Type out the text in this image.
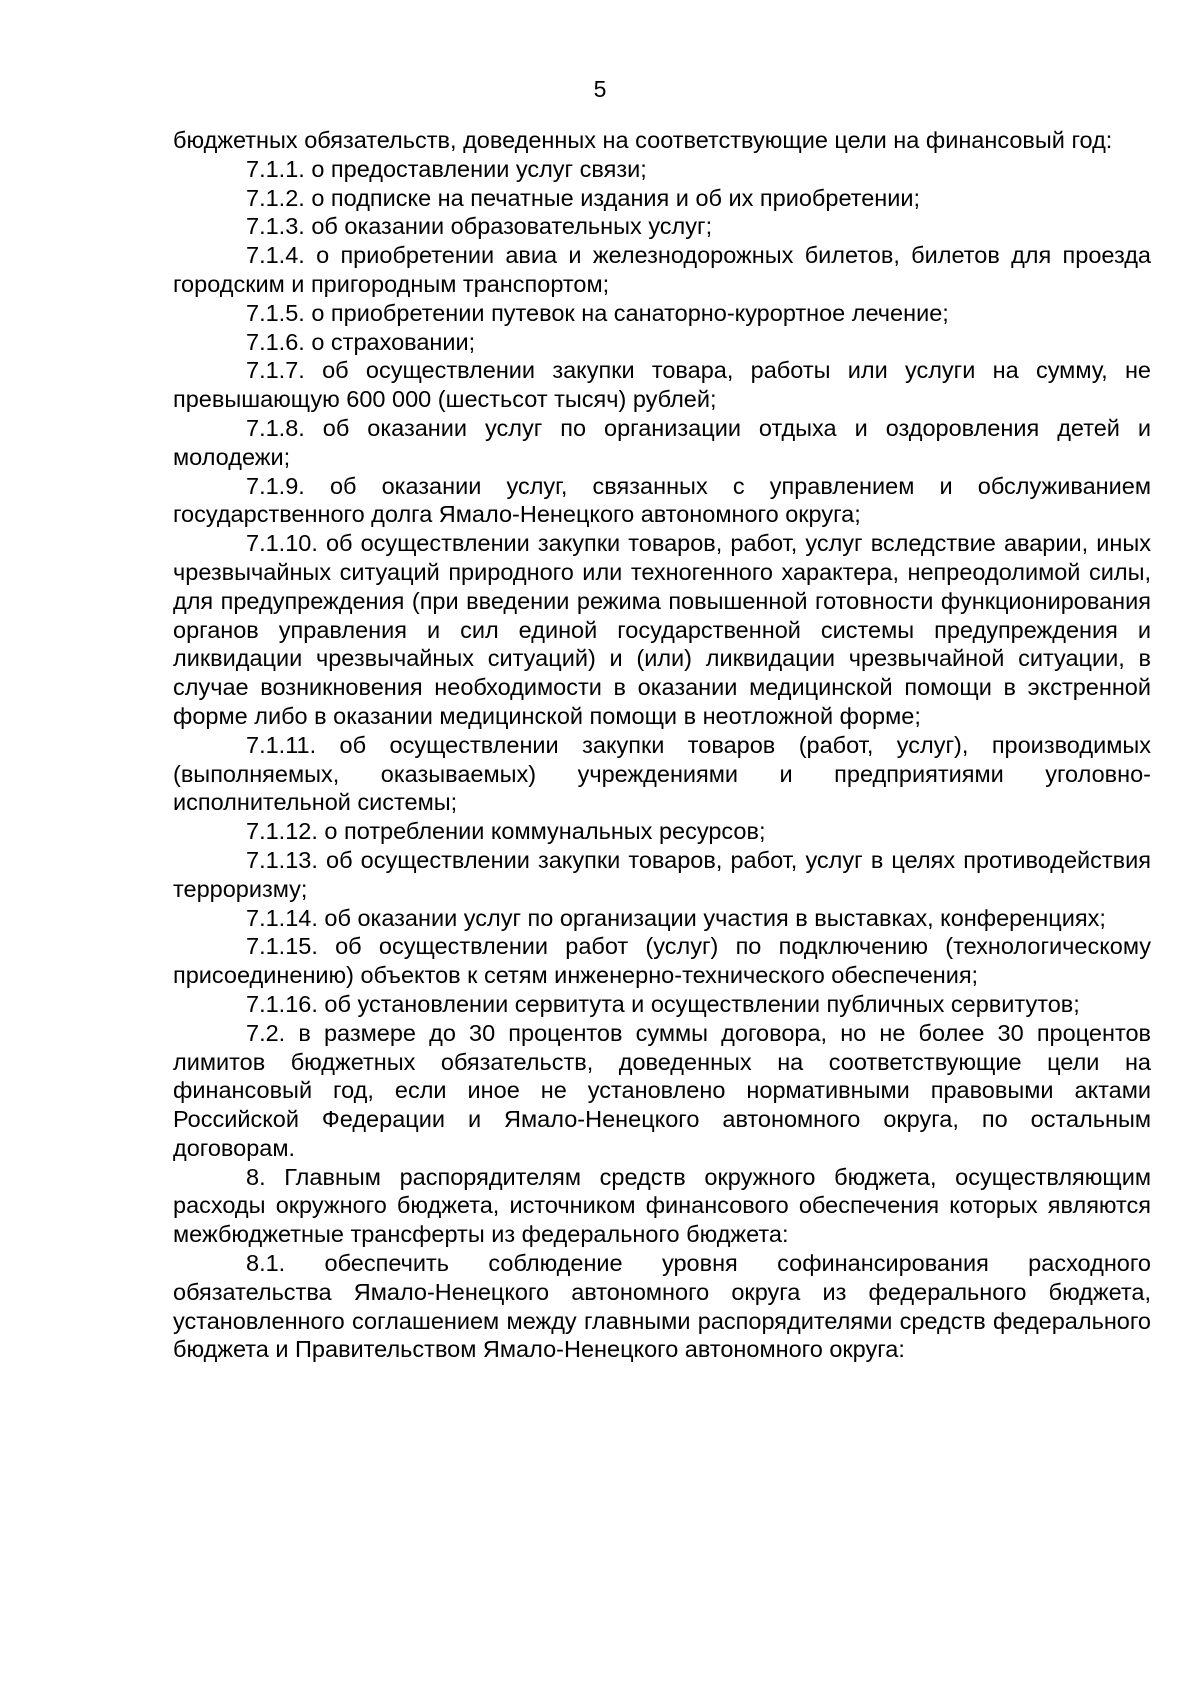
5

бюджетных обязательств, доведенных на соответствующие цели на финансовый год:

7.1.1. о предоставлении услуг связи;

7.1.2. о подписке на печатные издания и об их приобретении;

7.1.3. об оказании образовательных услуг;

7.1.4. о приобретении авиа и железнодорожных билетов, билетов для проезда городским и пригородным транспортом;

7.1.5. о приобретении путевок на санаторно-курортное лечение;

7.1.6. о страховании;

7.1.7. об осуществлении закупки товара, работы или услуги на сумму, не превышающую 600 000 (шестьсот тысяч) рублей;

7.1.8. об оказании услуг по организации отдыха и оздоровления детей и молодежи;

7.1.9. об оказании услуг, связанных с управлением и обслуживанием государственного долга Ямало-Ненецкого автономного округа;

7.1.10. об осуществлении закупки товаров, работ, услуг вследствие аварии, иных чрезвычайных ситуаций природного или техногенного характера, непреодолимой силы, для предупреждения (при введении режима повышенной готовности функционирования органов управления и сил единой государственной системы предупреждения и ликвидации чрезвычайных ситуаций) и (или) ликвидации чрезвычайной ситуации, в случае возникновения необходимости в оказании медицинской помощи в экстренной форме либо в оказании медицинской помощи в неотложной форме;

7.1.11. об осуществлении закупки товаров (работ, услуг), производимых (выполняемых, оказываемых) учреждениями и предприятиями уголовно-исполнительной системы;

7.1.12. о потреблении коммунальных ресурсов;

7.1.13. об осуществлении закупки товаров, работ, услуг в целях противодействия терроризму;

7.1.14. об оказании услуг по организации участия в выставках, конференциях;

7.1.15. об осуществлении работ (услуг) по подключению (технологическому присоединению) объектов к сетям инженерно-технического обеспечения;

7.1.16. об установлении сервитута и осуществлении публичных сервитутов;

7.2. в размере до 30 процентов суммы договора, но не более 30 процентов лимитов бюджетных обязательств, доведенных на соответствующие цели на финансовый год, если иное не установлено нормативными правовыми актами Российской Федерации и Ямало-Ненецкого автономного округа, по остальным договорам.

8. Главным распорядителям средств окружного бюджета, осуществляющим расходы окружного бюджета, источником финансового обеспечения которых являются межбюджетные трансферты из федерального бюджета:

8.1. обеспечить соблюдение уровня софинансирования расходного обязательства Ямало-Ненецкого автономного округа из федерального бюджета, установленного соглашением между главными распорядителями средств федерального бюджета и Правительством Ямало-Ненецкого автономного округа:
